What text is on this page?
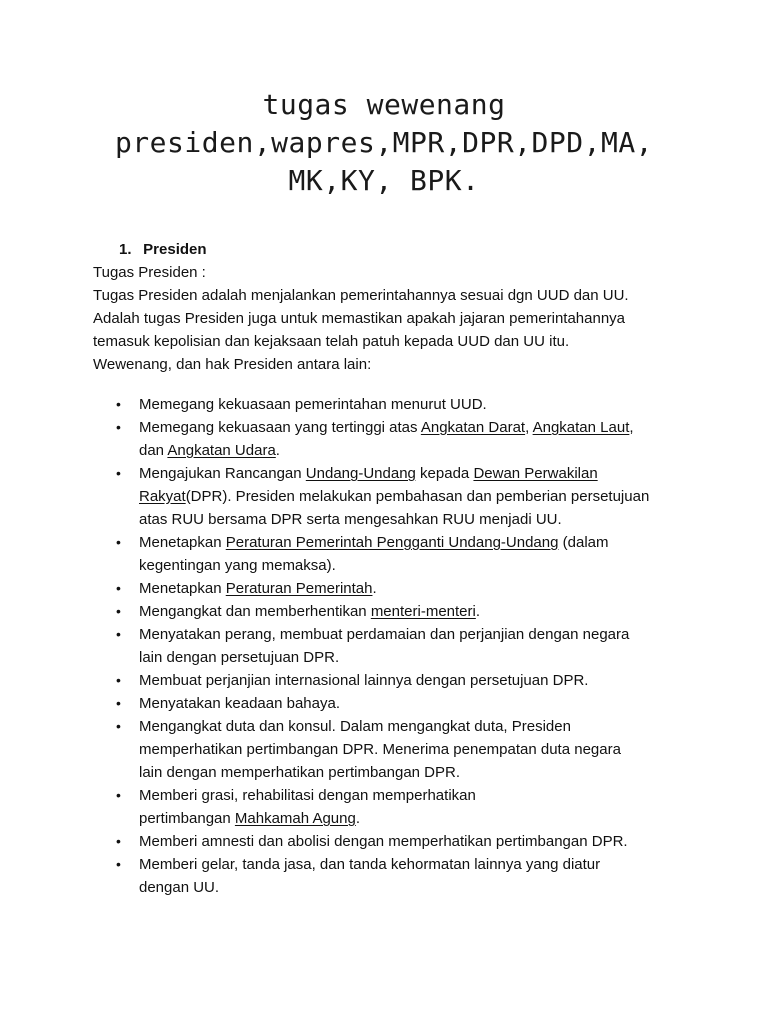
tugas wewenang
presiden,wapres,MPR,DPR,DPD,MA,
MK,KY, BPK.
1. Presiden

Tugas Presiden :

Tugas Presiden adalah menjalankan pemerintahannya sesuai dgn UUD dan UU.

Adalah tugas Presiden juga untuk memastikan apakah jajaran pemerintahannya

temasuk kepolisian dan kejaksaan telah patuh kepada UUD dan UU itu.

Wewenang, dan hak Presiden antara lain:

• Memegang kekuasaan pemerintahan menurut UUD.
• Memegang kekuasaan yang tertinggi atas Angkatan Darat, Angkatan Laut,
dan Angkatan Udara.
• Mengajukan Rancangan Undang-Undang kepada Dewan Perwakilan
Rakyat(DPR). Presiden melakukan pembahasan dan pemberian persetujuan
atas RUU bersama DPR serta mengesahkan RUU menjadi UU.
• Menetapkan Peraturan Pemerintah Pengganti Undang-Undang (dalam
kegentingan yang memaksa).
• Menetapkan Peraturan Pemerintah.
• Mengangkat dan memberhentikan menteri-menteri.
• Menyatakan perang, membuat perdamaian dan perjanjian dengan negara
lain dengan persetujuan DPR.
• Membuat perjanjian internasional lainnya dengan persetujuan DPR.
• Menyatakan keadaan bahaya.
• Mengangkat duta dan konsul. Dalam mengangkat duta, Presiden
memperhatikan pertimbangan DPR. Menerima penempatan duta negara
lain dengan memperhatikan pertimbangan DPR.
• Memberi grasi, rehabilitasi dengan memperhatikan
pertimbangan Mahkamah Agung.
• Memberi amnesti dan abolisi dengan memperhatikan pertimbangan DPR.
• Memberi gelar, tanda jasa, dan tanda kehormatan lainnya yang diatur
dengan UU.
